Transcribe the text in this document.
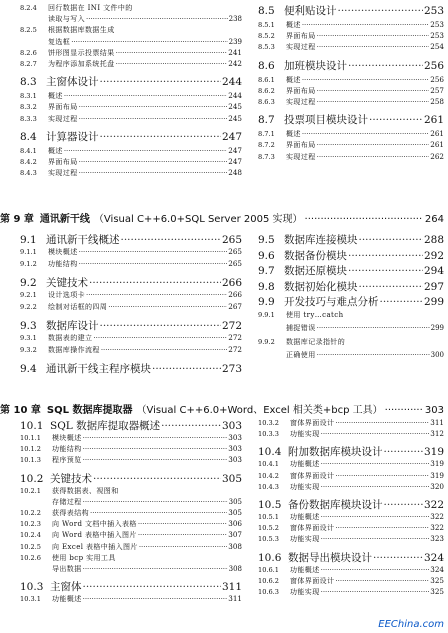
8.2.4	回行数据在 INI 文件中的
读取与写入 ·····	238
8.2.5	根据数据库数据生成
复选框 ·····	239
8.2.6	饼形图显示投票结果 ·····	241
8.2.7	为程序添加系统托盘 ·····	242
8.3 主窗体设计 ·····	244
8.3.1	概述 ·····	244
8.3.2	界面布局 ·····	245
8.3.3	实现过程 ·····	245
8.4 计算器设计 ·····	247
8.4.1	概述 ·····	247
8.4.2	界面布局 ·····	247
8.4.3	实现过程 ·····	248
8.5 便利贴设计 ·····	253
8.5.1	概述 ·····	253
8.5.2	界面布局 ·····	253
8.5.3	实现过程 ·····	254
8.6 加班模块设计 ·····	256
8.6.1	概述 ·····	256
8.6.2	界面布局 ·····	257
8.6.3	实现过程 ·····	258
8.7 投票项目模块设计 ·····	261
8.7.1	概述 ·····	261
8.7.2	界面布局 ·····	261
8.7.3	实现过程 ·····	262
第 9 章 通讯新干线 （Visual C++6.0+SQL Server 2005 实现） ·····	264
9.1 通讯新干线概述 ·····	265
9.1.1	模块概述 ·····	265
9.1.2	功能结构 ·····	265
9.2 关键技术 ·····	266
9.2.1	设计选项卡 ·····	266
9.2.2	绘制对话框的四周 ·····	267
9.3 数据库设计 ·····	272
9.3.1	数据表的建立 ·····	272
9.3.2	数据库操作流程 ·····	272
9.4 通讯新干线主程序模块 ·····	273
9.5 数据库连接模块 ·····	288
9.6 数据备份模块 ·····	292
9.7 数据还原模块 ·····	294
9.8 数据初始化模块 ·····	297
9.9 开发技巧与难点分析 ·····	299
9.9.1	使用 try…catch
捕捉错误 ·····	299
9.9.2	数据库记录指针的
正确使用 ·····	300
第 10 章 SQL 数据库提取器 （Visual C++6.0+Word、Excel 相关类+bcp 工具） ·····	303
10.1 SQL 数据库提取器概述 ·····	303
10.1.1	模块概述 ·····	303
10.1.2	功能结构 ·····	303
10.1.3	程序预览 ·····	303
10.2 关键技术 ·····	305
10.2.1	获得数据表、视图和
存储过程 ·····	305
10.2.2	获得表结构 ·····	305
10.2.3	向 Word 文档中插入表格 ·····	306
10.2.4	向 Word 表格中插入图片 ·····	307
10.2.5	向 Excel 表格中插入图片 ·····	308
10.2.6	使用 bcp 实用工具
导出数据 ·····	308
10.3 主窗体 ·····	311
10.3.1	功能概述 ·····	311
10.3.2	窗体界面设计 ·····	311
10.3.3	功能实现 ·····	312
10.4 附加数据库模块设计 ·····	319
10.4.1	功能概述 ·····	319
10.4.2	窗体界面设计 ·····	319
10.4.3	功能实现 ·····	320
10.5 备份数据库模块设计 ·····	322
10.5.1	功能概述 ·····	322
10.5.2	窗体界面设计 ·····	322
10.5.3	功能实现 ·····	323
10.6 数据导出模块设计 ·····	324
10.6.1	功能概述 ·····	324
10.6.2	窗体界面设计 ·····	325
10.6.3	功能实现 ·····	325
EEChina.com
